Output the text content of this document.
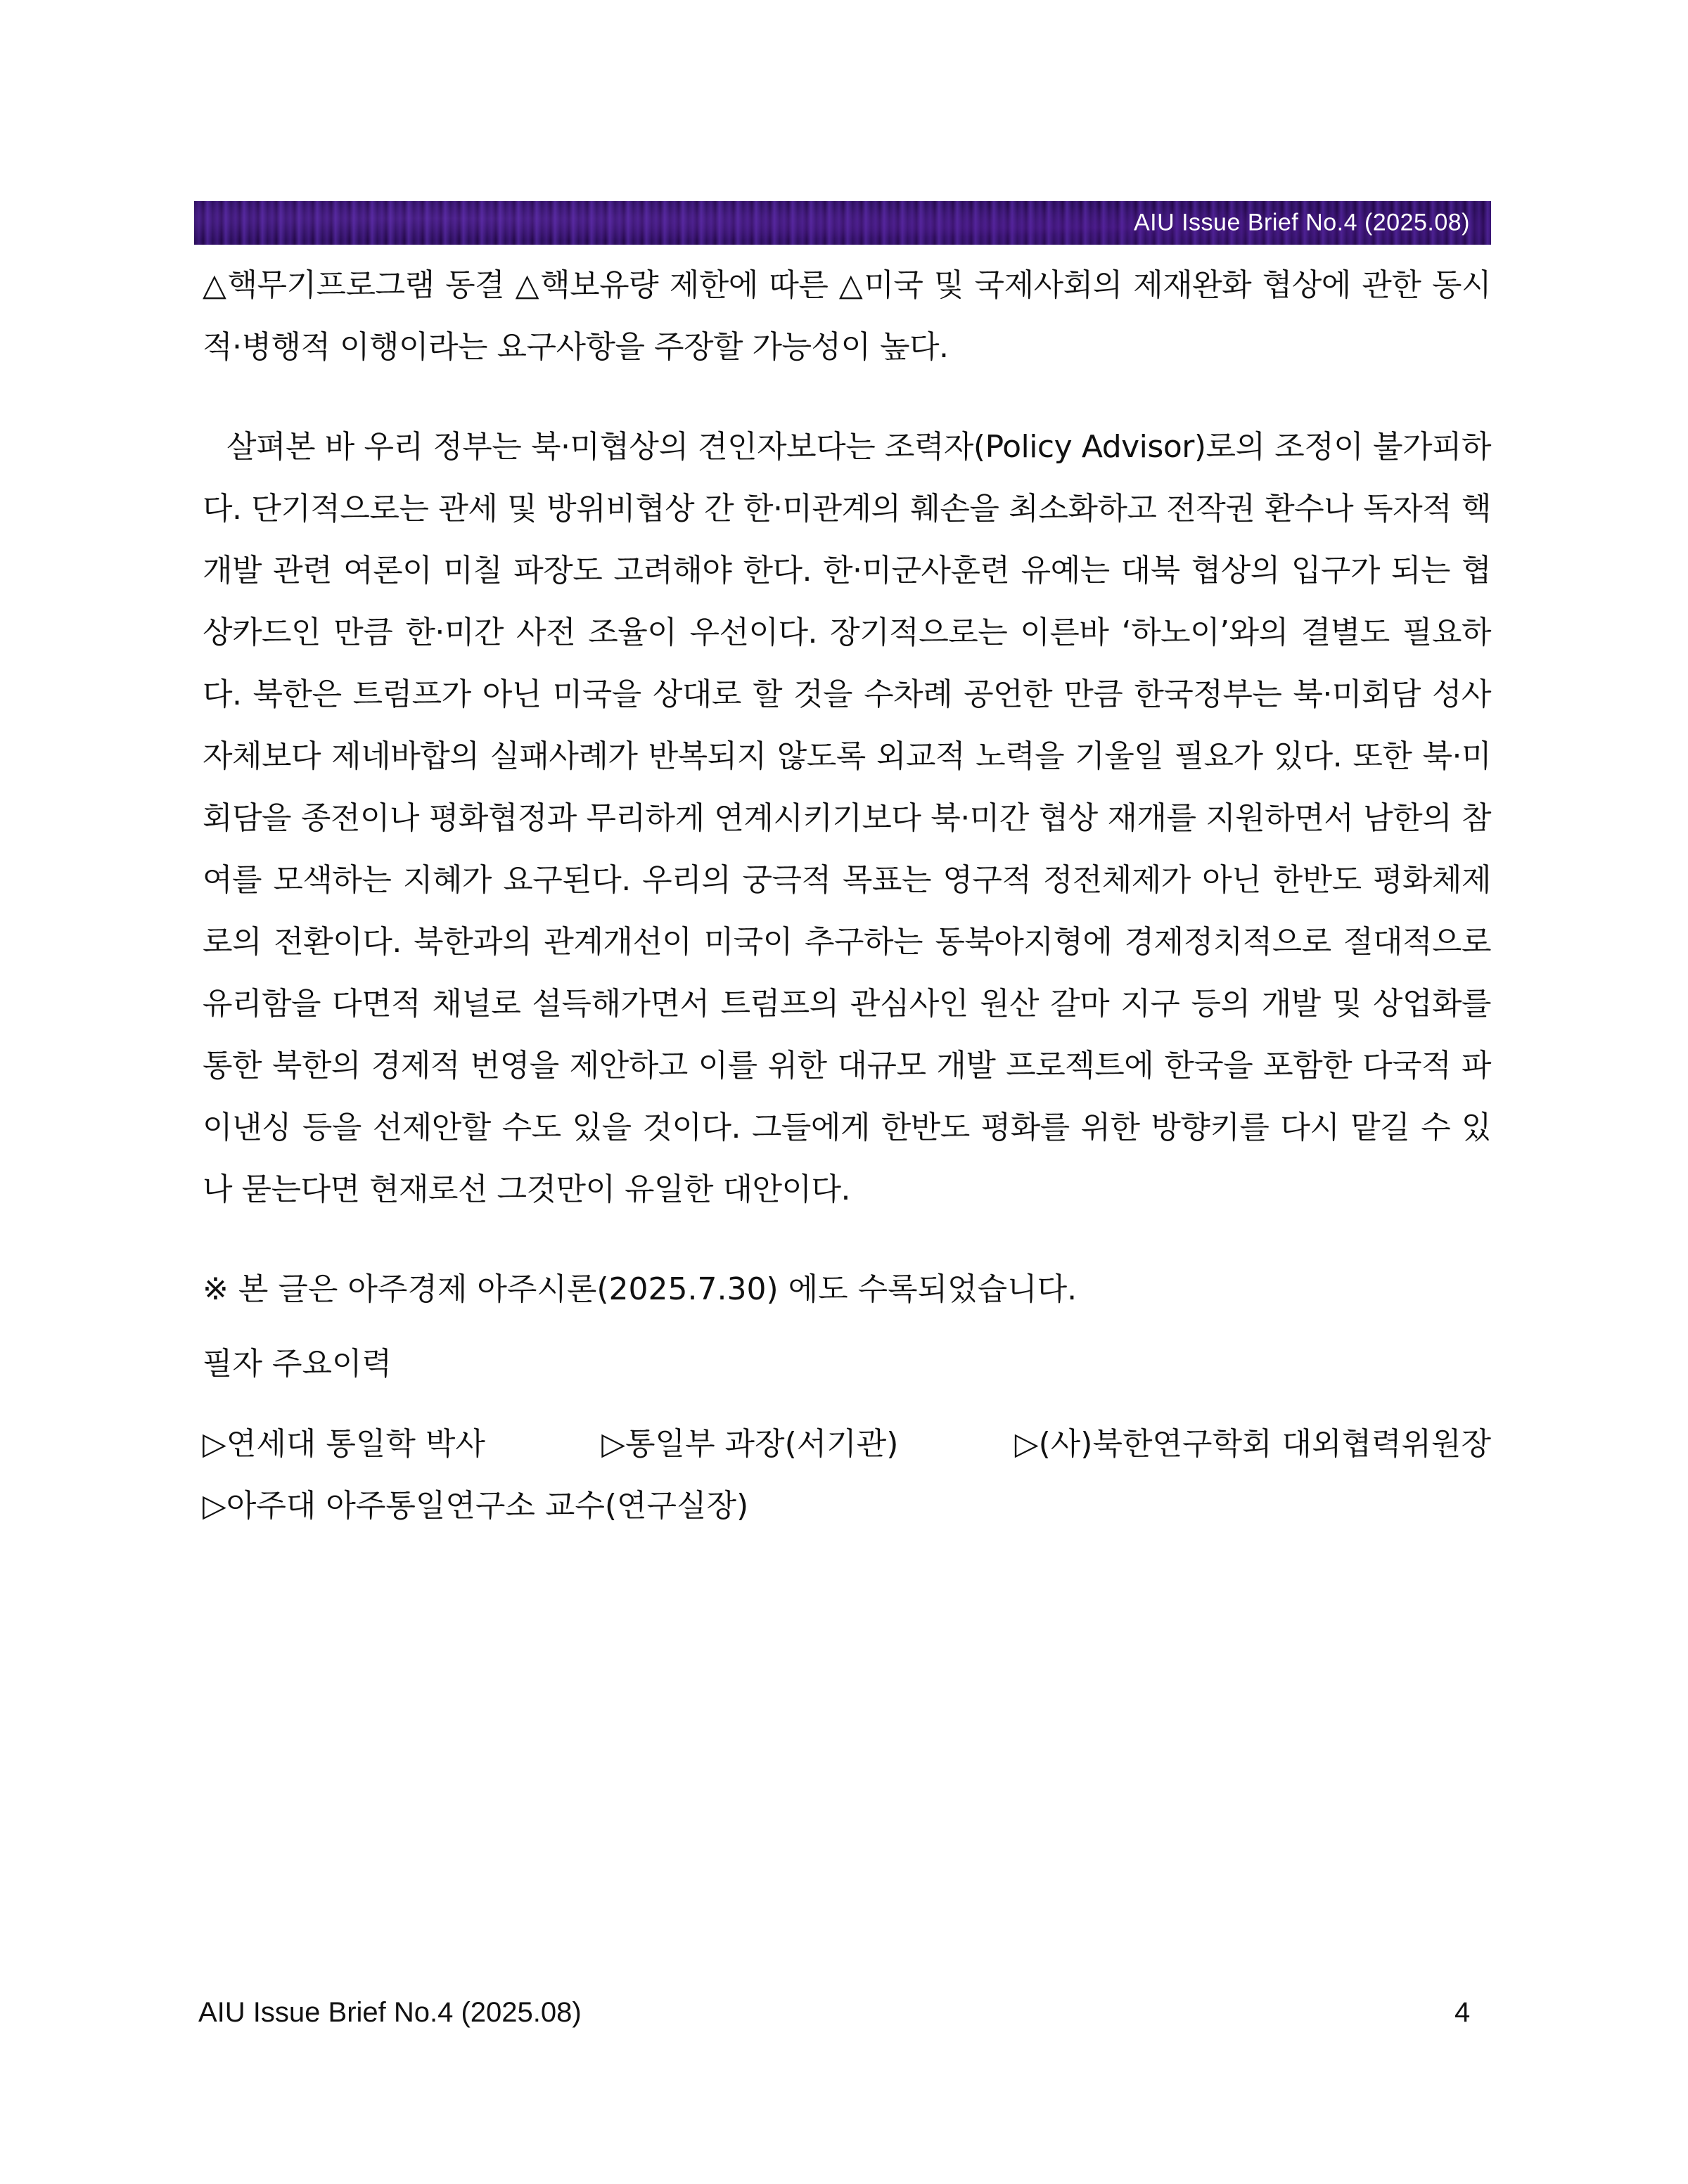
AIU Issue Brief No.4 (2025.08)

△핵무기프로그램 동결 △핵보유량 제한에 따른 △미국 및 국제사회의 제재완화 협상에 관한 동시적·병행적 이행이라는 요구사항을 주장할 가능성이 높다.

살펴본 바 우리 정부는 북·미협상의 견인자보다는 조력자(Policy Advisor)로의 조정이 불가피하다. 단기적으로는 관세 및 방위비협상 간 한·미관계의 훼손을 최소화하고 전작권 환수나 독자적 핵개발 관련 여론이 미칠 파장도 고려해야 한다. 한·미군사훈련 유예는 대북 협상의 입구가 되는 협상카드인 만큼 한·미간 사전 조율이 우선이다. 장기적으로는 이른바 ‘하노이’와의 결별도 필요하다. 북한은 트럼프가 아닌 미국을 상대로 할 것을 수차례 공언한 만큼 한국정부는 북·미회담 성사 자체보다 제네바합의 실패사례가 반복되지 않도록 외교적 노력을 기울일 필요가 있다. 또한 북·미회담을 종전이나 평화협정과 무리하게 연계시키기보다 북·미간 협상 재개를 지원하면서 남한의 참여를 모색하는 지혜가 요구된다. 우리의 궁극적 목표는 영구적 정전체제가 아닌 한반도 평화체제로의 전환이다. 북한과의 관계개선이 미국이 추구하는 동북아지형에 경제정치적으로 절대적으로 유리함을 다면적 채널로 설득해가면서 트럼프의 관심사인 원산 갈마 지구 등의 개발 및 상업화를 통한 북한의 경제적 번영을 제안하고 이를 위한 대규모 개발 프로젝트에 한국을 포함한 다국적 파이낸싱 등을 선제안할 수도 있을 것이다. 그들에게 한반도 평화를 위한 방향키를 다시 맡길 수 있나 묻는다면 현재로선 그것만이 유일한 대안이다.

※ 본 글은 아주경제 아주시론(2025.7.30) 에도 수록되었습니다.

필자 주요이력

▷연세대 통일학 박사	▷통일부 과장(서기관)	▷(사)북한연구학회 대외협력위원장
▷아주대 아주통일연구소 교수(연구실장)
AIU Issue Brief No.4 (2025.08)	4
